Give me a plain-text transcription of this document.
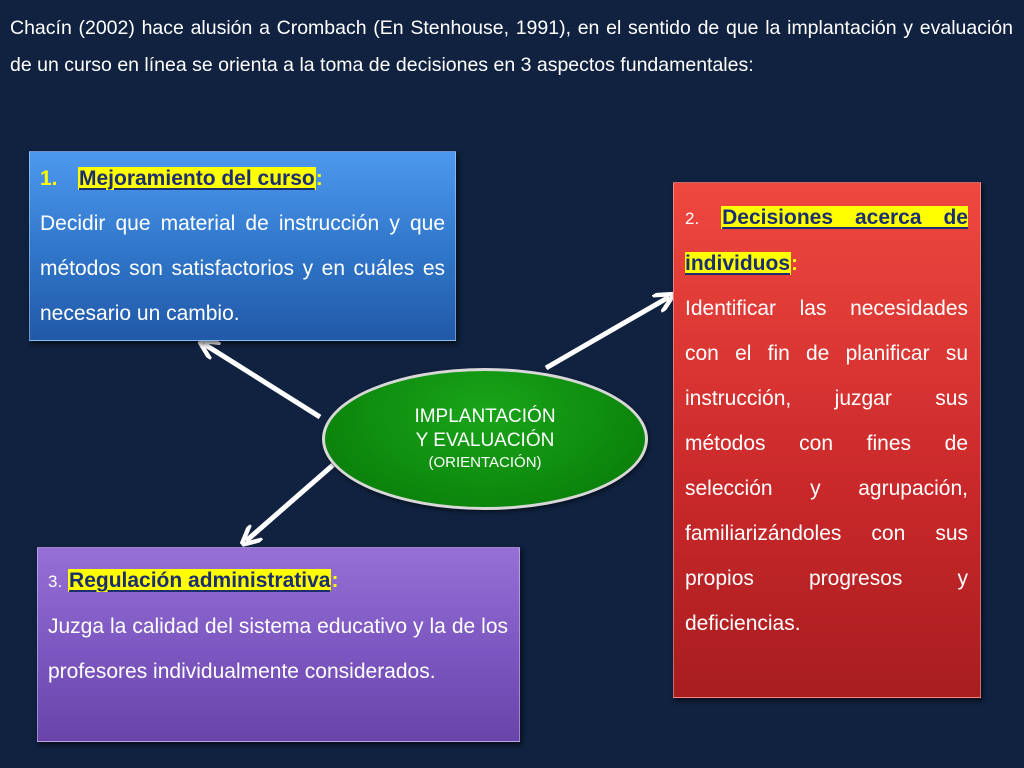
Chacín (2002) hace alusión a Crombach (En Stenhouse, 1991), en el sentido de que la implantación y evaluación de un curso en línea se orienta a la toma de decisiones en 3 aspectos fundamentales:
1. Mejoramiento del curso:
Decidir que material de instrucción y que métodos son satisfactorios y en cuáles es necesario un cambio.
2. Decisiones acerca de individuos:
Identificar las necesidades con el fin de planificar su instrucción, juzgar sus métodos con fines de selección y agrupación, familiarizándoles con sus propios progresos y deficiencias.
3. Regulación administrativa:
Juzga la calidad del sistema educativo y la de los profesores individualmente considerados.
IMPLANTACIÓN
Y EVALUACIÓN
(ORIENTACIÓN)
